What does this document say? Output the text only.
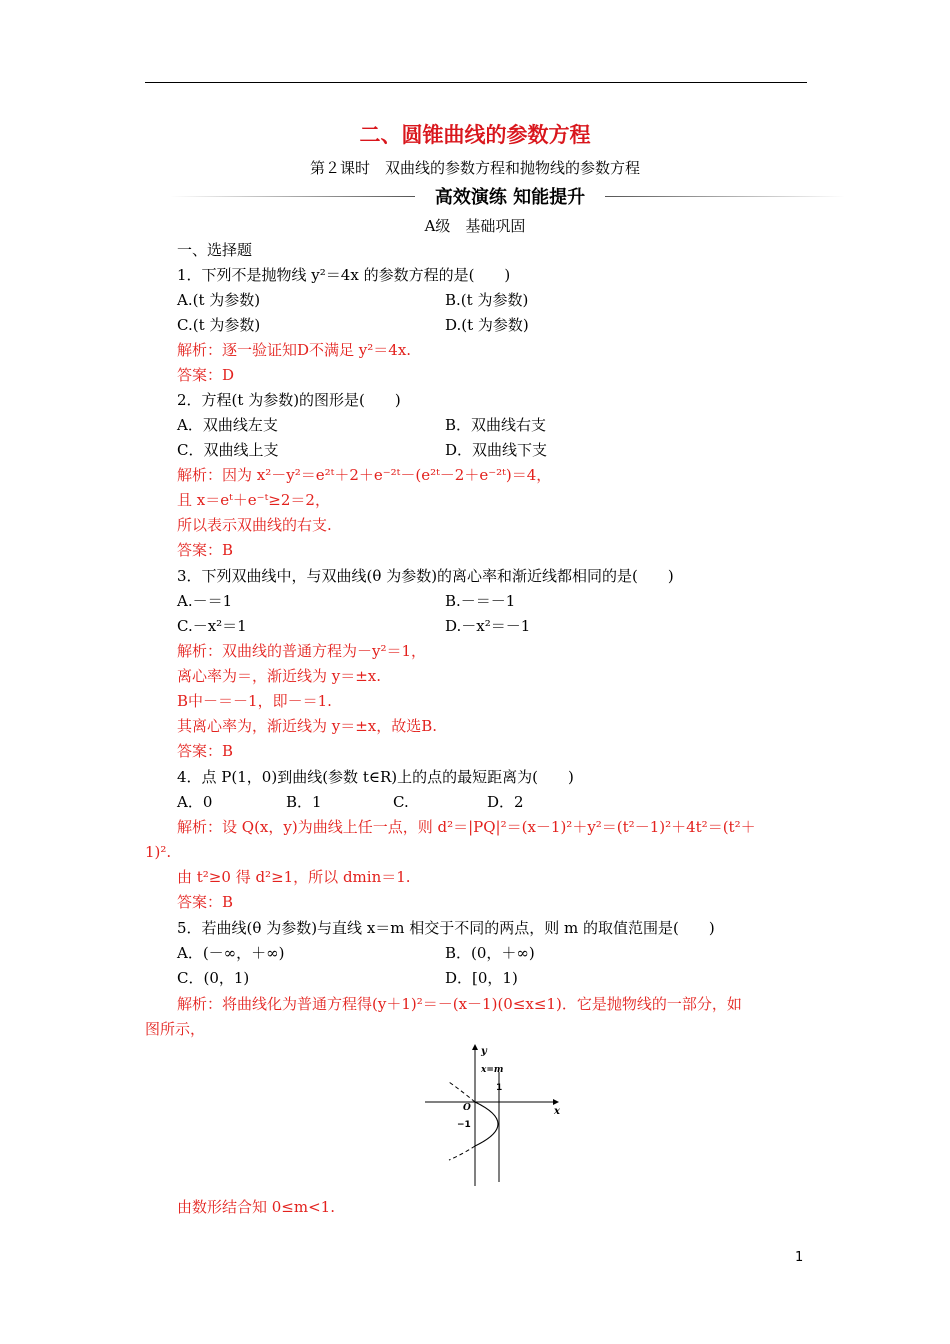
二、圆锥曲线的参数方程
第２课时　双曲线的参数方程和抛物线的参数方程
高效演练 知能提升
A级　基础巩固
一、选择题
1．下列不是抛物线 y²＝4x 的参数方程的是(　　)
A.(t 为参数)	B.(t 为参数)
C.(t 为参数)	D.(t 为参数)
解析：逐一验证知D不满足 y²＝4x.
答案：D
2．方程(t 为参数)的图形是(　　)
A．双曲线左支	B．双曲线右支
C．双曲线上支	D．双曲线下支
解析：因为 x²－y²＝e²ᵗ＋2＋e⁻²ᵗ－(e²ᵗ－2＋e⁻²ᵗ)＝4，
且 x＝eᵗ＋e⁻ᵗ≥2＝2，
所以表示双曲线的右支.
答案：B
3．下列双曲线中，与双曲线(θ 为参数)的离心率和渐近线都相同的是(　　)
A.－＝1	B.－＝－1
C.－x²＝1	D.－x²＝－1
解析：双曲线的普通方程为－y²＝1，
离心率为＝，渐近线为 y＝±x.
B中－＝－1，即－＝1.
其离心率为，渐近线为 y＝±x，故选B.
答案：B
4．点 P(1，0)到曲线(参数 t∈R)上的点的最短距离为(　　)
A．0	B．1	C.	D．2
解析：设 Q(x，y)为曲线上任一点，则 d²＝|PQ|²＝(x－1)²＋y²＝(t²－1)²＋4t²＝(t²＋
1)².
由 t²≥0 得 d²≥1，所以 dmin＝1.
答案：B
5．若曲线(θ 为参数)与直线 x＝m 相交于不同的两点，则 m 的取值范围是(　　)
A．(－∞，＋∞)	B．(0，＋∞)
C．(0，1)	D．[0，1)
解析：将曲线化为普通方程得(y＋1)²＝－(x－1)(0≤x≤1)．它是抛物线的一部分，如
图所示，
y
x
x=m
1
O
−1
由数形结合知 0≤m<1.
1
